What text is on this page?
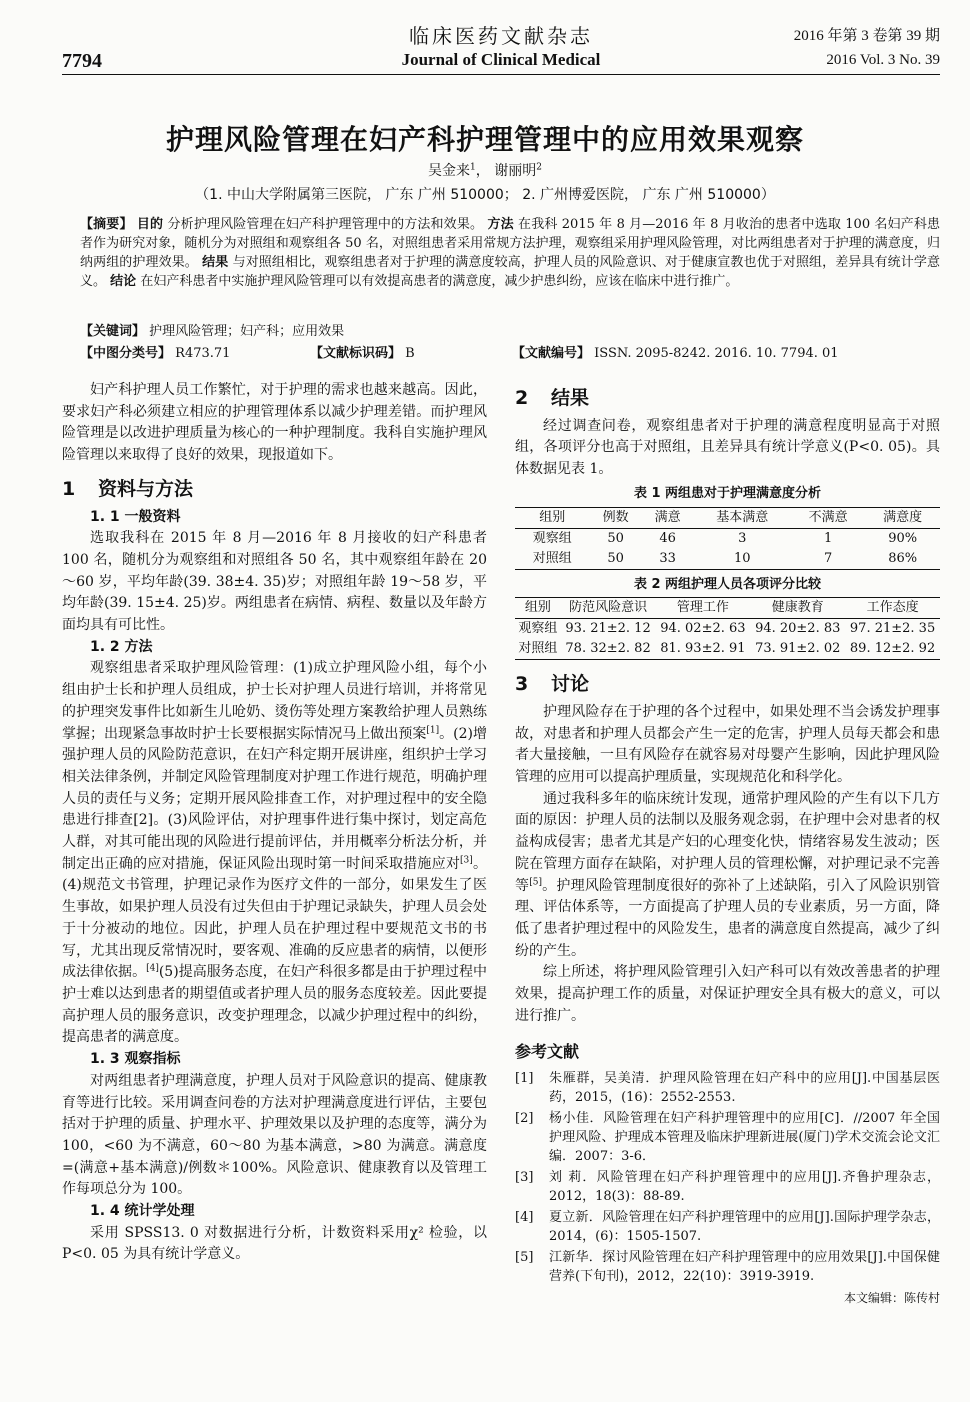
临床医药文献杂志
Journal of Clinical Medical
7794
2016 年第 3 卷第 39 期
2016 Vol. 3 No. 39
护理风险管理在妇产科护理管理中的应用效果观察
吴金来$^1$， 谢丽明$^2$
（1. 中山大学附属第三医院， 广东 广州 510000； 2. 广州博爱医院， 广东 广州 510000）
【摘要】 目的 分析护理风险管理在妇产科护理管理中的方法和效果。 方法 在我科 2015 年 8 月—2016 年 8 月收治的患者中选取 100 名妇产科患者作为研究对象，随机分为对照组和观察组各 50 名，对照组患者采用常规方法护理，观察组采用护理风险管理，对比两组患者对于护理的满意度，归纳两组的护理效果。 结果 与对照组相比，观察组患者对于护理的满意度较高，护理人员的风险意识、对于健康宣教也优于对照组，差异具有统计学意义。 结论 在妇产科患者中实施护理风险管理可以有效提高患者的满意度，减少护患纠纷，应该在临床中进行推广。
【关键词】 护理风险管理；妇产科；应用效果
【中图分类号】 R473.71	【文献标识码】 B	【文献编号】 ISSN. 2095-8242. 2016. 10. 7794. 01

妇产科护理人员工作繁忙，对于护理的需求也越来越高。因此，要求妇产科必须建立相应的护理管理体系以减少护理差错。而护理风险管理是以改进护理质量为核心的一种护理制度。我科自实施护理风险管理以来取得了良好的效果，现报道如下。

1 资料与方法
1. 1 一般资料

选取我科在 2015 年 8 月—2016 年 8 月接收的妇产科患者 100 名，随机分为观察组和对照组各 50 名，其中观察组年龄在 20～60 岁，平均年龄(39. 38±4. 35)岁；对照组年龄 19～58 岁，平均年龄(39. 15±4. 25)岁。两组患者在病情、病程、数量以及年龄方面均具有可比性。

1. 2 方法

观察组患者采取护理风险管理：(1)成立护理风险小组，每个小组由护士长和护理人员组成，护士长对护理人员进行培训，并将常见的护理突发事件比如新生儿呛奶、烫伤等处理方案教给护理人员熟练掌握；出现紧急事故时护士长要根据实际情况马上做出预案[1]。(2)增强护理人员的风险防范意识，在妇产科定期开展讲座，组织护士学习相关法律条例，并制定风险管理制度对护理工作进行规范，明确护理人员的责任与义务；定期开展风险排查工作，对护理过程中的安全隐患进行排查[2]。(3)风险评估，对护理事件进行集中探讨，划定高危人群，对其可能出现的风险进行提前评估，并用概率分析法分析，并制定出正确的应对措施，保证风险出现时第一时间采取措施应对[3]。(4)规范文书管理，护理记录作为医疗文件的一部分，如果发生了医生事故，如果护理人员没有过失但由于护理记录缺失，护理人员会处于十分被动的地位。因此，护理人员在护理过程中要规范文书的书写，尤其出现反常情况时，要客观、准确的反应患者的病情，以便形成法律依据。[4](5)提高服务态度，在妇产科很多都是由于护理过程中护士难以达到患者的期望值或者护理人员的服务态度较差。因此要提高护理人员的服务意识，改变护理理念，以减少护理过程中的纠纷，提高患者的满意度。

1. 3 观察指标

对两组患者护理满意度，护理人员对于风险意识的提高、健康教育等进行比较。采用调查问卷的方法对护理满意度进行评估，主要包括对于护理的质量、护理水平、护理效果以及护理的态度等，满分为 100，<60 为不满意，60～80 为基本满意，>80 为满意。满意度=(满意+基本满意)/例数＊100%。风险意识、健康教育以及管理工作每项总分为 100。

1. 4 统计学处理

采用 SPSS13. 0 对数据进行分析，计数资料采用χ² 检验，以 P<0. 05 为具有统计学意义。

2 结果

经过调查问卷，观察组患者对于护理的满意程度明显高于对照组，各项评分也高于对照组，且差异具有统计学意义(P<0. 05)。具体数据见表 1。

表 1 两组患对于护理满意度分析
组别	例数	满意	基本满意	不满意	满意度
观察组	50	46	3	1	90%
对照组	50	33	10	7	86%
表 2 两组护理人员各项评分比较
组别	防范风险意识	管理工作	健康教育	工作态度
观察组	93. 21±2. 12	94. 02±2. 63	94. 20±2. 83	97. 21±2. 35
对照组	78. 32±2. 82	81. 93±2. 91	73. 91±2. 02	89. 12±2. 92
3 讨论

护理风险存在于护理的各个过程中，如果处理不当会诱发护理事故，对患者和护理人员都会产生一定的危害，护理人员每天都会和患者大量接触，一旦有风险存在就容易对母婴产生影响，因此护理风险管理的应用可以提高护理质量，实现规范化和科学化。

通过我科多年的临床统计发现，通常护理风险的产生有以下几方面的原因：护理人员的法制以及服务观念弱，在护理中会对患者的权益构成侵害；患者尤其是产妇的心理变化快，情绪容易发生波动；医院在管理方面存在缺陷，对护理人员的管理松懈，对护理记录不完善等[5]。护理风险管理制度很好的弥补了上述缺陷，引入了风险识别管理、评估体系等，一方面提高了护理人员的专业素质，另一方面，降低了患者护理过程中的风险发生，患者的满意度自然提高，减少了纠纷的产生。

综上所述，将护理风险管理引入妇产科可以有效改善患者的护理效果，提高护理工作的质量，对保证护理安全具有极大的意义，可以进行推广。

参考文献
[1]	朱雁群，吴美清．护理风险管理在妇产科中的应用[J].中国基层医药，2015，(16)：2552-2553.
[2]	杨小佳．风险管理在妇产科护理管理中的应用[C]．//2007 年全国护理风险、护理成本管理及临床护理新进展(厦门)学术交流会论文汇编．2007：3-6．
[3]	刘 莉．风险管理在妇产科护理管理中的应用[J].齐鲁护理杂志，2012，18(3)：88-89.
[4]	夏立新．风险管理在妇产科护理管理中的应用[J].国际护理学杂志，2014，(6)：1505-1507.
[5]	江新华．探讨风险管理在妇产科护理管理中的应用效果[J].中国保健营养(下旬刊)，2012，22(10)：3919-3919.
本文编辑：陈传村
